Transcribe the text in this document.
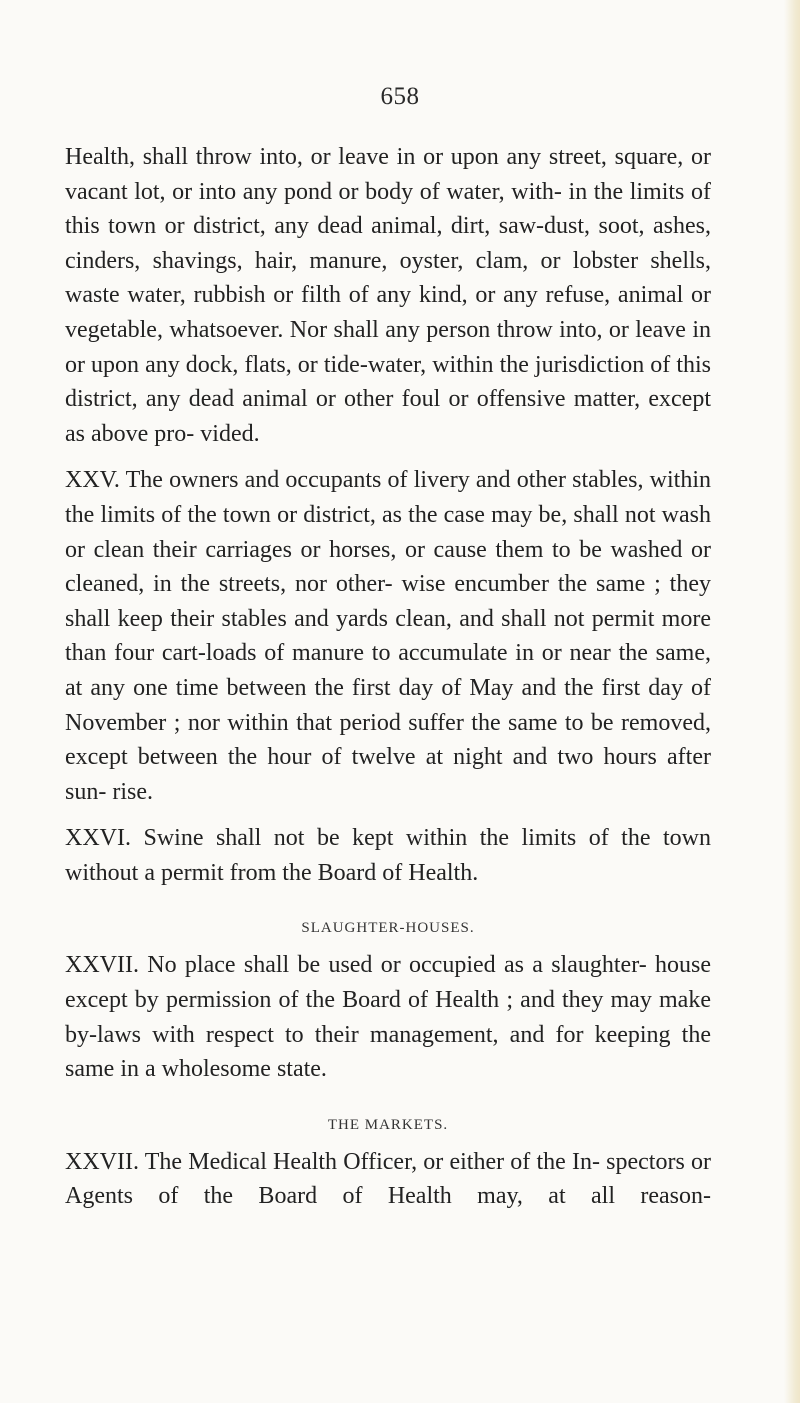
658

Health, shall throw into, or leave in or upon any street, square, or vacant lot, or into any pond or body of water, with- in the limits of this town or district, any dead animal, dirt, saw-dust, soot, ashes, cinders, shavings, hair, manure, oyster, clam, or lobster shells, waste water, rubbish or filth of any kind, or any refuse, animal or vegetable, whatsoever. Nor shall any person throw into, or leave in or upon any dock, flats, or tide-water, within the jurisdiction of this district, any dead animal or other foul or offensive matter, except as above pro- vided.

XXV. The owners and occupants of livery and other stables, within the limits of the town or district, as the case may be, shall not wash or clean their carriages or horses, or cause them to be washed or cleaned, in the streets, nor other- wise encumber the same ; they shall keep their stables and yards clean, and shall not permit more than four cart-loads of manure to accumulate in or near the same, at any one time between the first day of May and the first day of November ; nor within that period suffer the same to be removed, except between the hour of twelve at night and two hours after sun- rise.

XXVI. Swine shall not be kept within the limits of the town without a permit from the Board of Health.

SLAUGHTER-HOUSES.

XXVII. No place shall be used or occupied as a slaughter- house except by permission of the Board of Health ; and they may make by-laws with respect to their management, and for keeping the same in a wholesome state.

THE MARKETS.

XXVII. The Medical Health Officer, or either of the In- spectors or Agents of the Board of Health may, at all reason-
